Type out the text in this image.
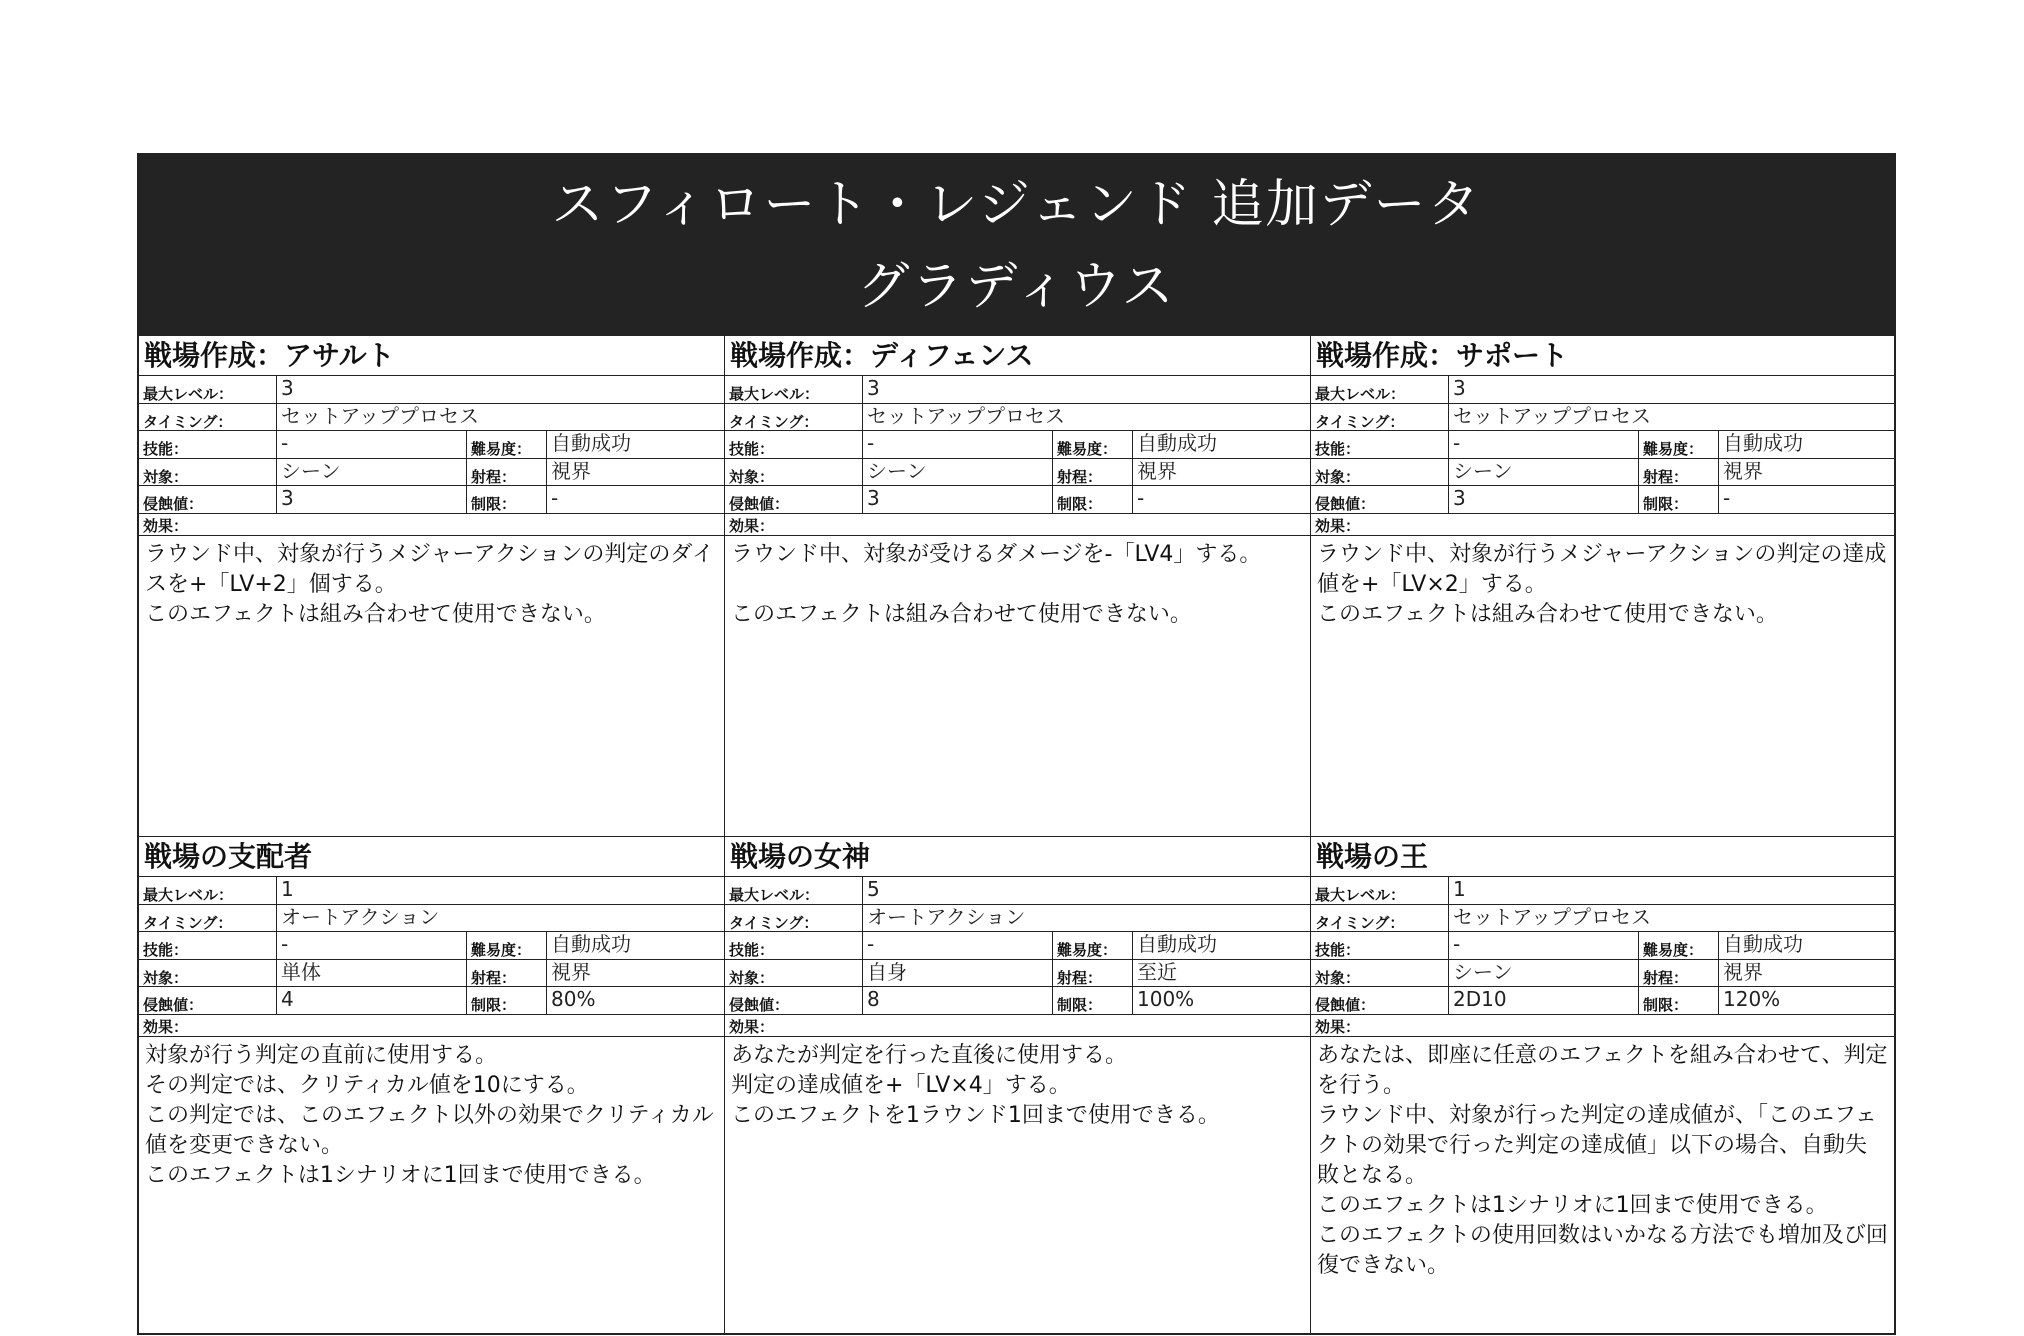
スフィロート・レジェンド 追加データ
グラディウス
戦場作成：アサルト
最大レベル：	3
タイミング：	セットアッププロセス
技能：	-	難易度： 自動成功
対象：	シーン	射程：	視界
侵蝕値：	3	制限：	-
効果：

ラウンド中、対象が行うメジャーアクションの判定のダイスを+「LV+2」個する。

このエフェクトは組み合わせて使用できない。

戦場作成：ディフェンス
最大レベル：	3
タイミング：	セットアッププロセス
技能：	-	難易度： 自動成功
対象：	シーン	射程：	視界
侵蝕値：	3	制限：	-
効果：

ラウンド中、対象が受けるダメージを-「LV4」する。

このエフェクトは組み合わせて使用できない。

戦場作成：サポート
最大レベル：	3
タイミング：	セットアッププロセス
技能：	-	難易度： 自動成功
対象：	シーン	射程：	視界
侵蝕値：	3	制限：	-
効果：

ラウンド中、対象が行うメジャーアクションの判定の達成値を+「LV×2」する。

このエフェクトは組み合わせて使用できない。

戦場の支配者
最大レベル：	1
タイミング：	オートアクション
技能：	-	難易度： 自動成功
対象：	単体	射程：	視界
侵蝕値：	4	制限：	80%
効果：

対象が行う判定の直前に使用する。

その判定では、クリティカル値を10にする。

この判定では、このエフェクト以外の効果でクリティカル値を変更できない。

このエフェクトは1シナリオに1回まで使用できる。

戦場の女神
最大レベル：	5
タイミング：	オートアクション
技能：	-	難易度： 自動成功
対象：	自身	射程：	至近
侵蝕値：	8	制限：	100%
効果：

あなたが判定を行った直後に使用する。

判定の達成値を+「LV×4」する。

このエフェクトを1ラウンド1回まで使用できる。

戦場の王
最大レベル：	1
タイミング：	セットアッププロセス
技能：	-	難易度： 自動成功
対象：	シーン	射程：	視界
侵蝕値：	2D10	制限：	120%
効果：

あなたは、即座に任意のエフェクトを組み合わせて、判定を行う。

ラウンド中、対象が行った判定の達成値が、「このエフェクトの効果で行った判定の達成値」以下の場合、自動失敗となる。

このエフェクトは1シナリオに1回まで使用できる。

このエフェクトの使用回数はいかなる方法でも増加及び回復できない。
